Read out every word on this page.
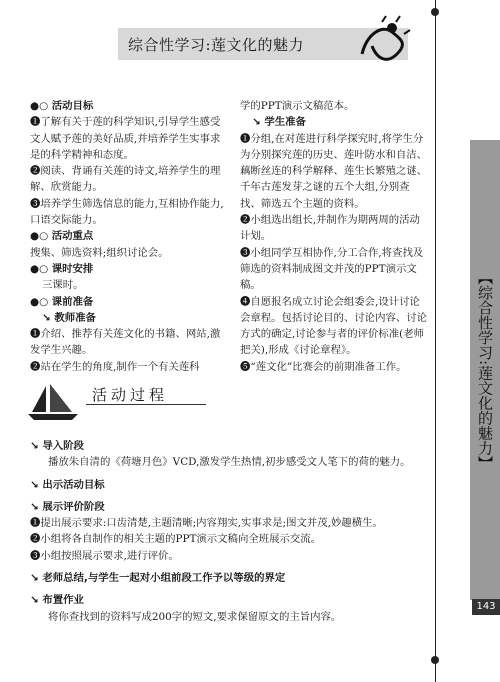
综合性学习:莲文化的魅力
【综合性学习:莲文化的魅力】
143

●○ 活动目标

❶了解有关于莲的科学知识,引导学生感受文人赋予莲的美好品质,并培养学生实事求是的科学精神和态度。

❷阅读、背诵有关莲的诗文,培养学生的理解、欣赏能力。

❸培养学生筛选信息的能力,互相协作能力,口语交际能力。

●○ 活动重点

搜集、筛选资料;组织讨论会。

●○ 课时安排

三课时。

●○ 课前准备

↘ 教师准备

❶介绍、推荐有关莲文化的书籍、网站,激发学生兴趣。

❷站在学生的角度,制作一个有关莲科

学的PPT演示文稿范本。

↘ 学生准备

❶分组,在对莲进行科学探究时,将学生分为分别探究莲的历史、莲叶防水和自洁、藕断丝连的科学解释、莲生长繁殖之谜、千年古莲发芽之谜的五个大组,分别查找、筛选五个主题的资料。

❷小组选出组长,并制作为期两周的活动计划。

❸小组同学互相协作,分工合作,将查找及筛选的资料制成图文并茂的PPT演示文稿。

❹自愿报名成立讨论会组委会,设计讨论会章程。包括讨论目的、讨论内容、讨论方式的确定,讨论参与者的评价标准(老师把关),形成《讨论章程》。

❺“莲文化”比赛会的前期准备工作。

活动过程

↘ 导入阶段

播放朱自清的《荷塘月色》VCD,激发学生热情,初步感受文人笔下的荷的魅力。

↘ 出示活动目标

↘ 展示评价阶段

❶提出展示要求:口齿清楚,主题清晰;内容翔实,实事求是;图文并茂,妙趣横生。

❷小组将各自制作的相关主题的PPT演示文稿向全班展示交流。

❸小组按照展示要求,进行评价。

↘ 老师总结,与学生一起对小组前段工作予以等级的界定

↘ 布置作业

将你查找到的资料写成200字的短文,要求保留原文的主旨内容。
